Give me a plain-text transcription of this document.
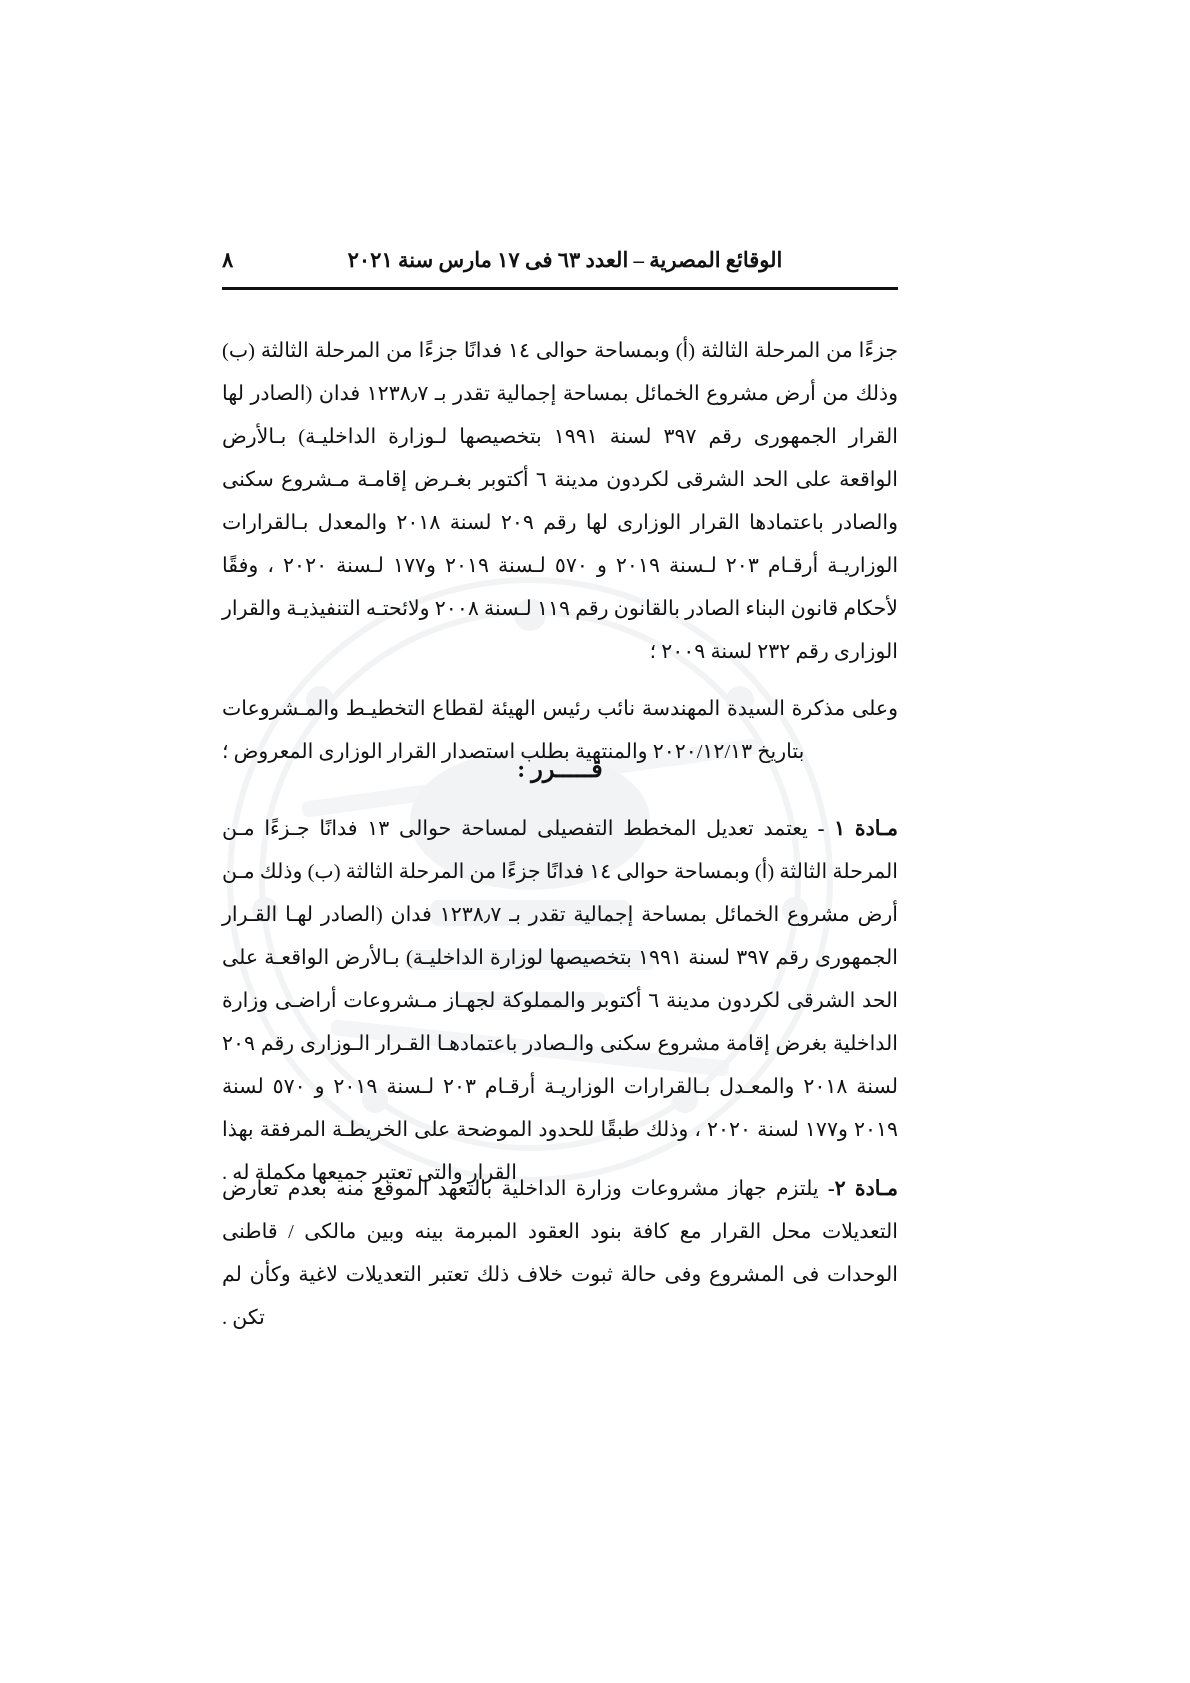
الوقائع المصرية – العدد ٦٣ فى ١٧ مارس سنة ٢٠٢١
٨

جزءًا من المرحلة الثالثة (أ) وبمساحة حوالى ١٤ فدانًا جزءًا من المرحلة الثالثة (ب) وذلك من أرض مشروع الخمائل بمساحة إجمالية تقدر بـ ١٢٣٨٫٧ فدان (الصادر لها القرار الجمهورى رقم ٣٩٧ لسنة ١٩٩١ بتخصيصها لـوزارة الداخليـة) بـالأرض الواقعة على الحد الشرقى لكردون مدينة ٦ أكتوبر بغـرض إقامـة مـشروع سكنى والصادر باعتمادها القرار الوزارى لها رقم ٢٠٩ لسنة ٢٠١٨ والمعدل بـالقرارات الوزاريـة أرقـام ٢٠٣ لـسنة ٢٠١٩ و ٥٧٠ لـسنة ٢٠١٩ و١٧٧ لـسنة ٢٠٢٠ ، وفقًا لأحكام قانون البناء الصادر بالقانون رقم ١١٩ لـسنة ٢٠٠٨ ولائحتـه التنفيذيـة والقرار الوزارى رقم ٢٣٢ لسنة ٢٠٠٩ ؛

وعلى مذكرة السيدة المهندسة نائب رئيس الهيئة لقطاع التخطيـط والمـشروعات بتاريخ ٢٠٢٠/١٢/١٣ والمنتهية بطلب استصدار القرار الوزارى المعروض ؛

قـــــرر :

مـادة ١ - يعتمد تعديل المخطط التفصيلى لمساحة حوالى ١٣ فدانًا جـزءًا مـن المرحلة الثالثة (أ) وبمساحة حوالى ١٤ فدانًا جزءًا من المرحلة الثالثة (ب) وذلك مـن أرض مشروع الخمائل بمساحة إجمالية تقدر بـ ١٢٣٨٫٧ فدان (الصادر لهـا القـرار الجمهورى رقم ٣٩٧ لسنة ١٩٩١ بتخصيصها لوزارة الداخليـة) بـالأرض الواقعـة على الحد الشرقى لكردون مدينة ٦ أكتوبر والمملوكة لجهـاز مـشروعات أراضـى وزارة الداخلية بغرض إقامة مشروع سكنى والـصادر باعتمادهـا القـرار الـوزارى رقم ٢٠٩ لسنة ٢٠١٨ والمعـدل بـالقرارات الوزاريـة أرقـام ٢٠٣ لـسنة ٢٠١٩ و ٥٧٠ لسنة ٢٠١٩ و١٧٧ لسنة ٢٠٢٠ ، وذلك طبقًا للحدود الموضحة على الخريطـة المرفقة بهذا القرار والتى تعتبر جميعها مكملة له .

مـادة ٢- يلتزم جهاز مشروعات وزارة الداخلية بالتعهد الموقع منه بعدم تعارض التعديلات محل القرار مع كافة بنود العقود المبرمة بينه وبين مالكى / قاطنى الوحدات فى المشروع وفى حالة ثبوت خلاف ذلك تعتبر التعديلات لاغية وكأن لم تكن .
